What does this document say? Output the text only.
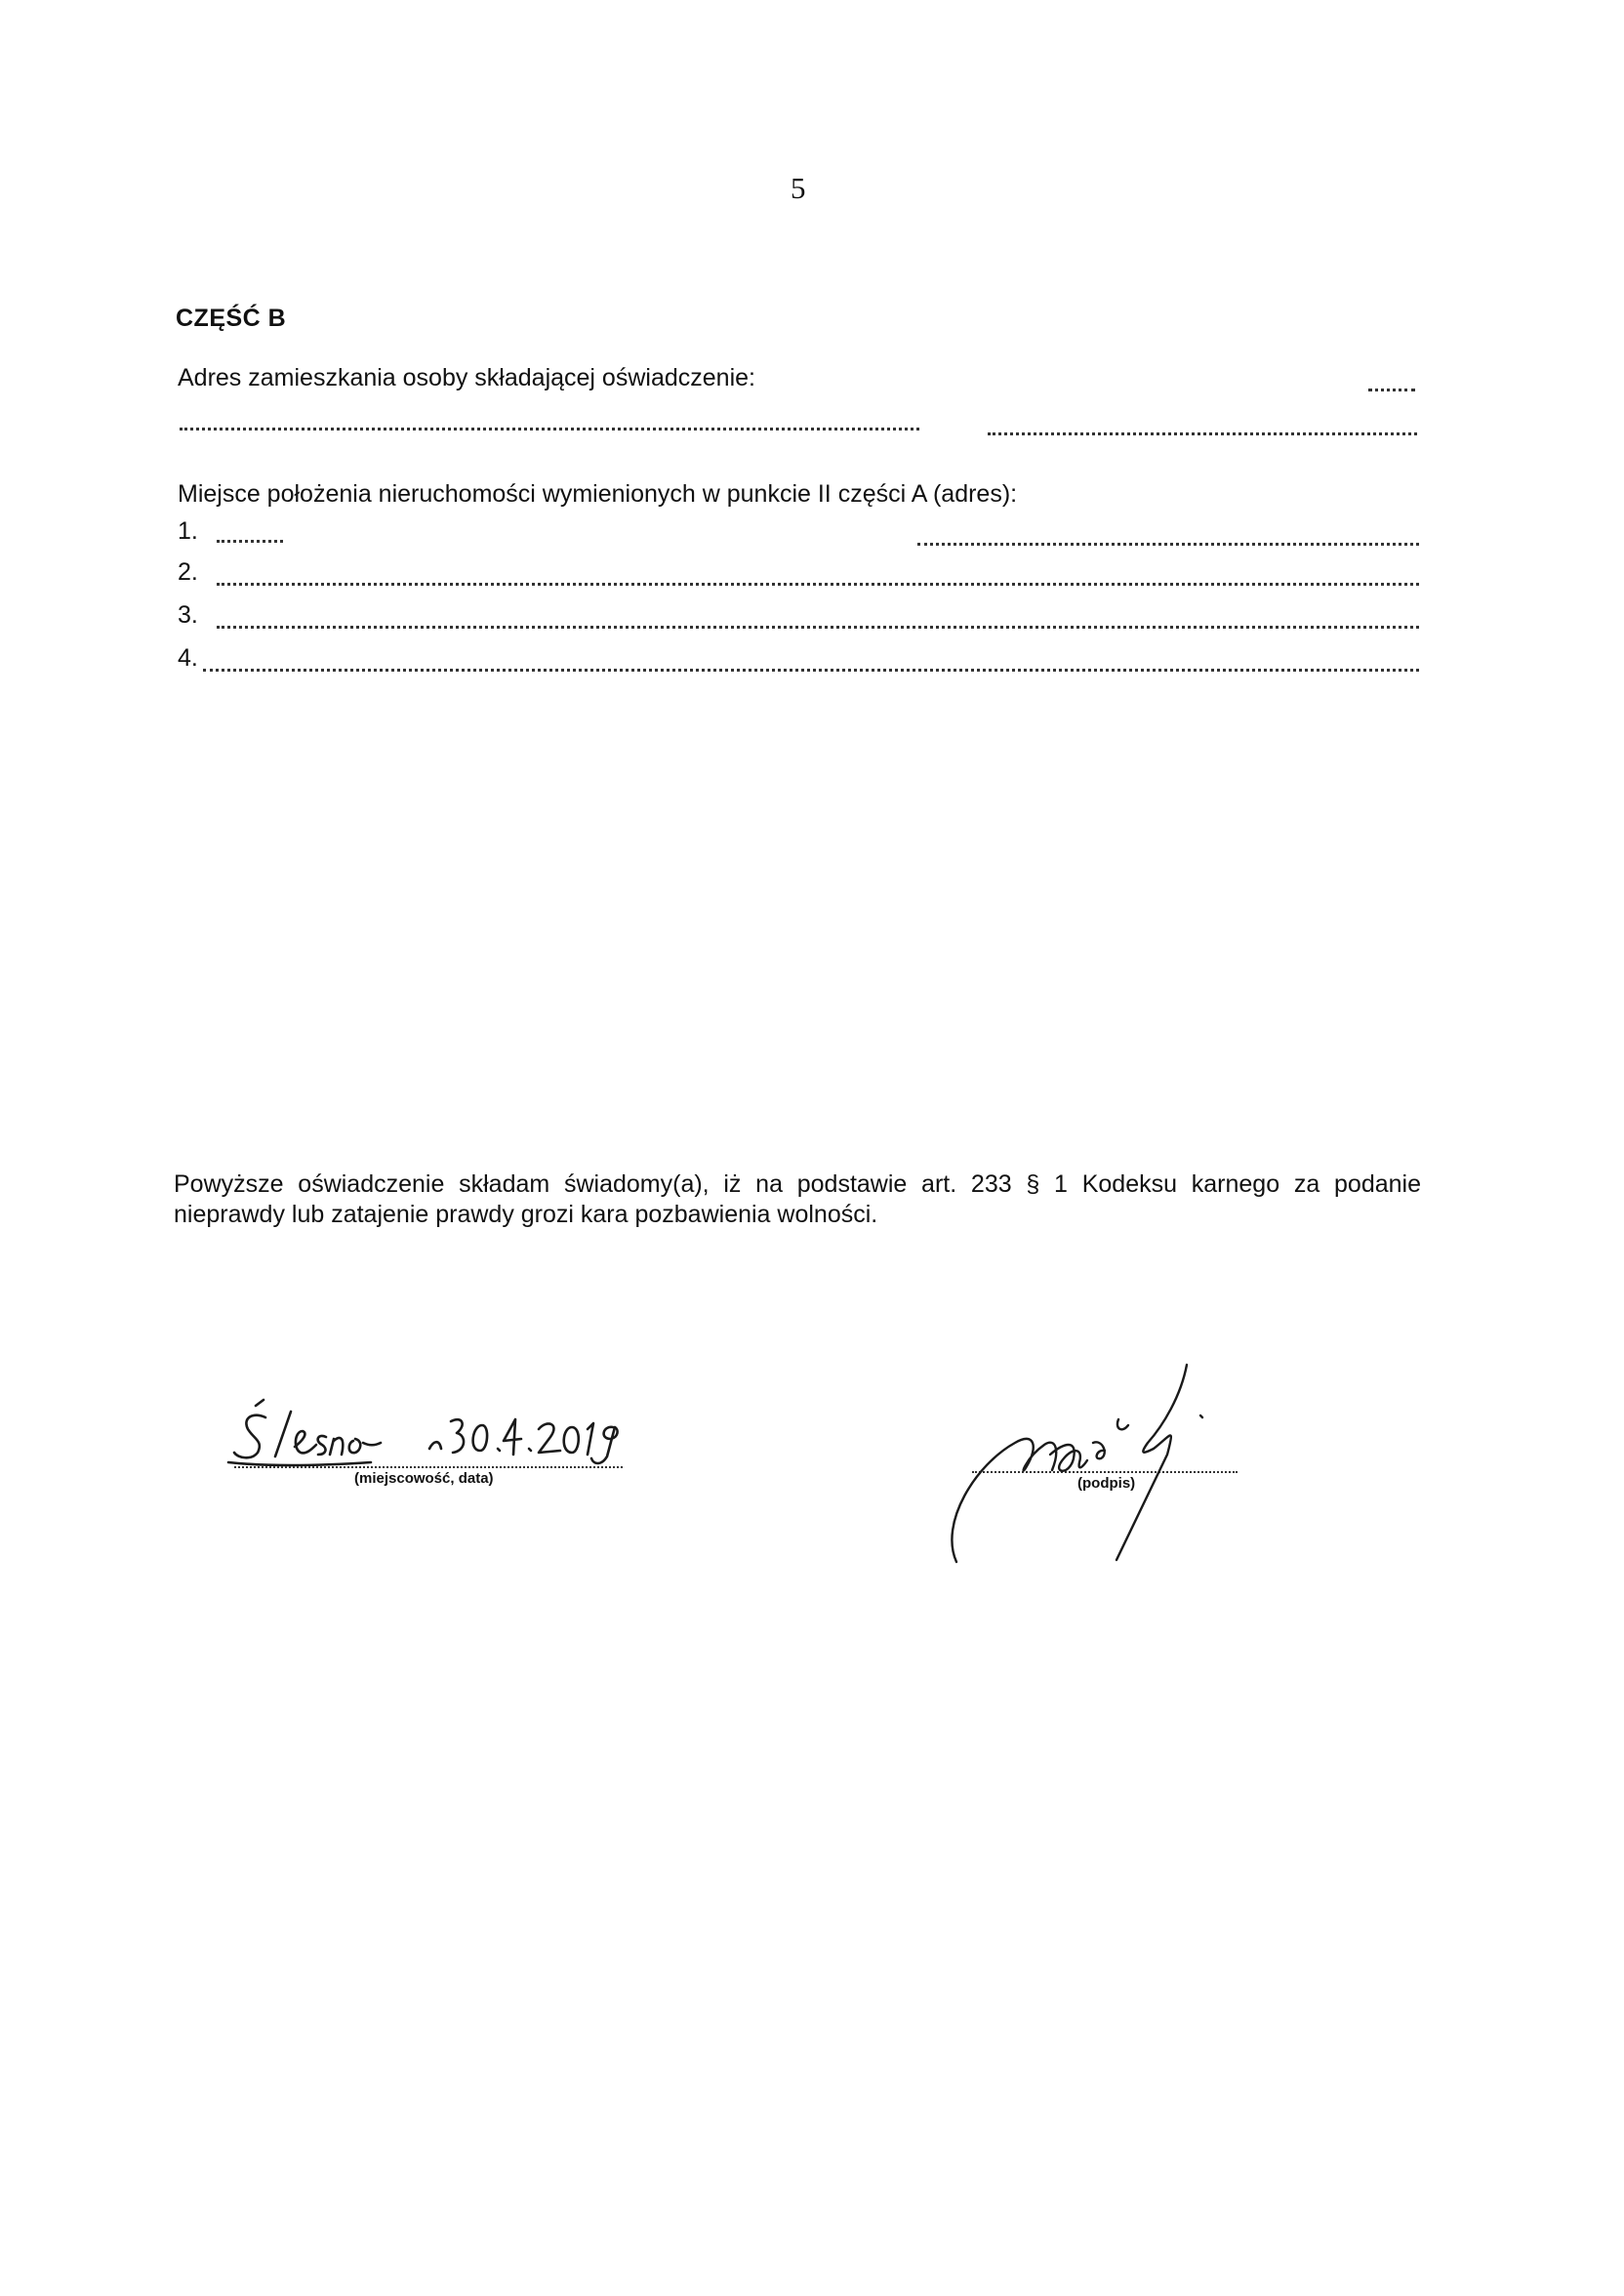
5
CZĘŚĆ B
Adres zamieszkania osoby składającej oświadczenie:
Miejsce położenia nieruchomości wymienionych w punkcie II części A (adres):
1.
2.
3.
4.
Powyższe oświadczenie składam świadomy(a), iż na podstawie art. 233 § 1 Kodeksu karnego za podanie
nieprawdy lub zatajenie prawdy grozi kara pozbawienia wolności.
(miejscowość, data)	(podpis)
